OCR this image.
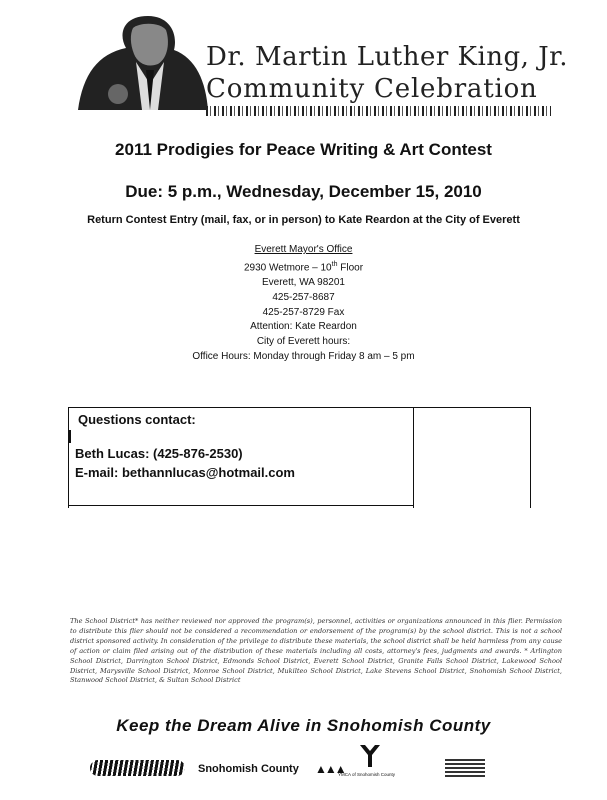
Dr. Martin Luther King, Jr.
Community Celebration
2011 Prodigies for Peace Writing & Art Contest
Due: 5 p.m., Wednesday, December 15, 2010
Return Contest Entry (mail, fax, or in person) to Kate Reardon at the City of Everett
Everett Mayor's Office
2930 Wetmore – 10th Floor
Everett, WA 98201
425-257-8687
425-257-8729 Fax
Attention: Kate Reardon
City of Everett hours:
Office Hours: Monday through Friday 8 am – 5 pm
Questions contact:
Beth Lucas: (425-876-2530)
E-mail: bethannlucas@hotmail.com
The School District* has neither reviewed nor approved the program(s), personnel, activities or organizations announced in this flier. Permission to distribute this flier should not be considered a recommendation or endorsement of the program(s) by the school district. This is not a school district sponsored activity. In consideration of the privilege to distribute these materials, the school district shall be held harmless from any cause of action or claim filed arising out of the distribution of these materials including all costs, attorney's fees, judgments and awards. * Arlington School District, Darrington School District, Edmonds School District, Everett School District, Granite Falls School District, Lakewood School District, Marysville School District, Monroe School District, Mukilteo School District, Lake Stevens School District, Snohomish School District, Stanwood School District, & Sultan School District
Keep the Dream Alive in Snohomish County
Snohomish County ▲▲▲
YMCA of Snohomish County
